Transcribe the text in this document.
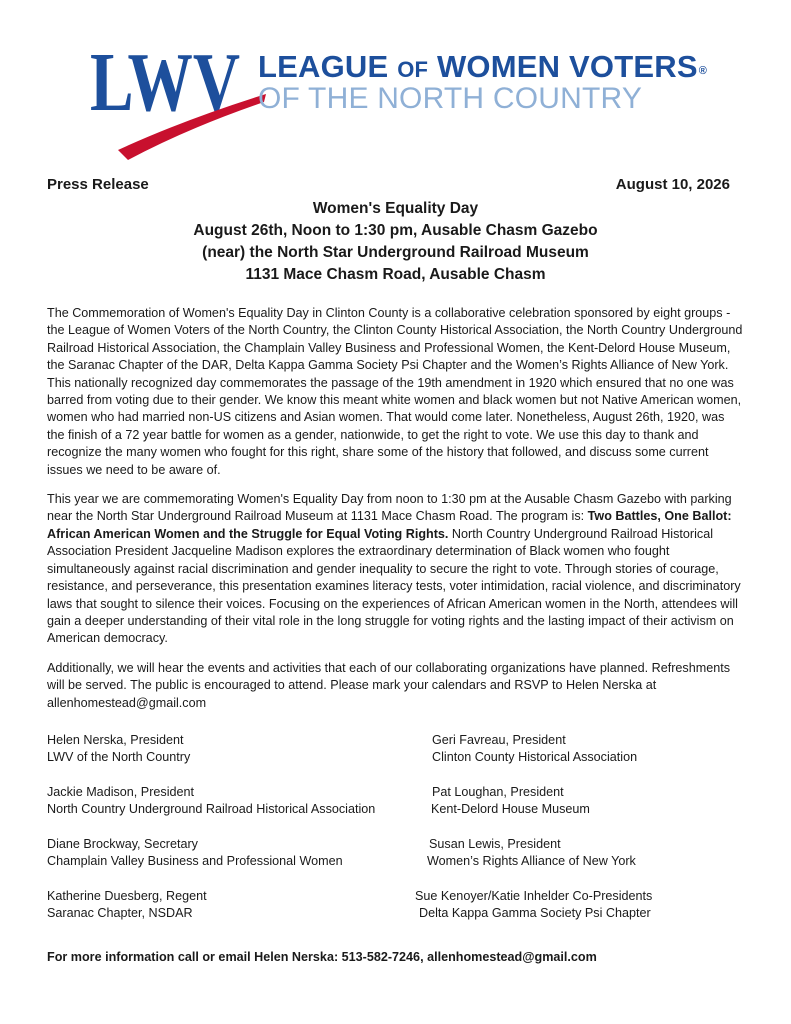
LWV LEAGUE OF WOMEN VOTERS®
OF THE NORTH COUNTRY
Press Release	August 10, 2026
Women's Equality Day
August 26th, Noon to 1:30 pm, Ausable Chasm Gazebo
(near) the North Star Underground Railroad Museum
1131 Mace Chasm Road, Ausable Chasm

The Commemoration of Women's Equality Day in Clinton County is a collaborative celebration sponsored by eight groups - the League of Women Voters of the North Country, the Clinton County Historical Association, the North Country Underground Railroad Historical Association, the Champlain Valley Business and Professional Women, the Kent-Delord House Museum, the Saranac Chapter of the DAR, Delta Kappa Gamma Society Psi Chapter and the Women’s Rights Alliance of New York. This nationally recognized day commemorates the passage of the 19th amendment in 1920 which ensured that no one was barred from voting due to their gender. We know this meant white women and black women but not Native American women, women who had married non-US citizens and Asian women. That would come later. Nonetheless, August 26th, 1920, was the finish of a 72 year battle for women as a gender, nationwide, to get the right to vote. We use this day to thank and recognize the many women who fought for this right, share some of the history that followed, and discuss some current issues we need to be aware of.

This year we are commemorating Women's Equality Day from noon to 1:30 pm at the Ausable Chasm Gazebo with parking near the North Star Underground Railroad Museum at 1131 Mace Chasm Road. The program is: Two Battles, One Ballot: African American Women and the Struggle for Equal Voting Rights. North Country Underground Railroad Historical Association President Jacqueline Madison explores the extraordinary determination of Black women who fought simultaneously against racial discrimination and gender inequality to secure the right to vote. Through stories of courage, resistance, and perseverance, this presentation examines literacy tests, voter intimidation, racial violence, and discriminatory laws that sought to silence their voices. Focusing on the experiences of African American women in the North, attendees will gain a deeper understanding of their vital role in the long struggle for voting rights and the lasting impact of their activism on American democracy.

Additionally, we will hear the events and activities that each of our collaborating organizations have planned. Refreshments will be served. The public is encouraged to attend. Please mark your calendars and RSVP to Helen Nerska at allenhomestead@gmail.com

Helen Nerska, President
LWV of the North Country
Geri Favreau, President
Clinton County Historical Association
Jackie Madison, President
North Country Underground Railroad Historical Association
Pat Loughan, President
Kent-Delord House Museum
Diane Brockway, Secretary
Champlain Valley Business and Professional Women
Susan Lewis, President
Women’s Rights Alliance of New York
Katherine Duesberg, Regent
Saranac Chapter, NSDAR
Sue Kenoyer/Katie Inhelder Co-Presidents
Delta Kappa Gamma Society Psi Chapter
For more information call or email Helen Nerska: 513-582-7246, allenhomestead@gmail.com
